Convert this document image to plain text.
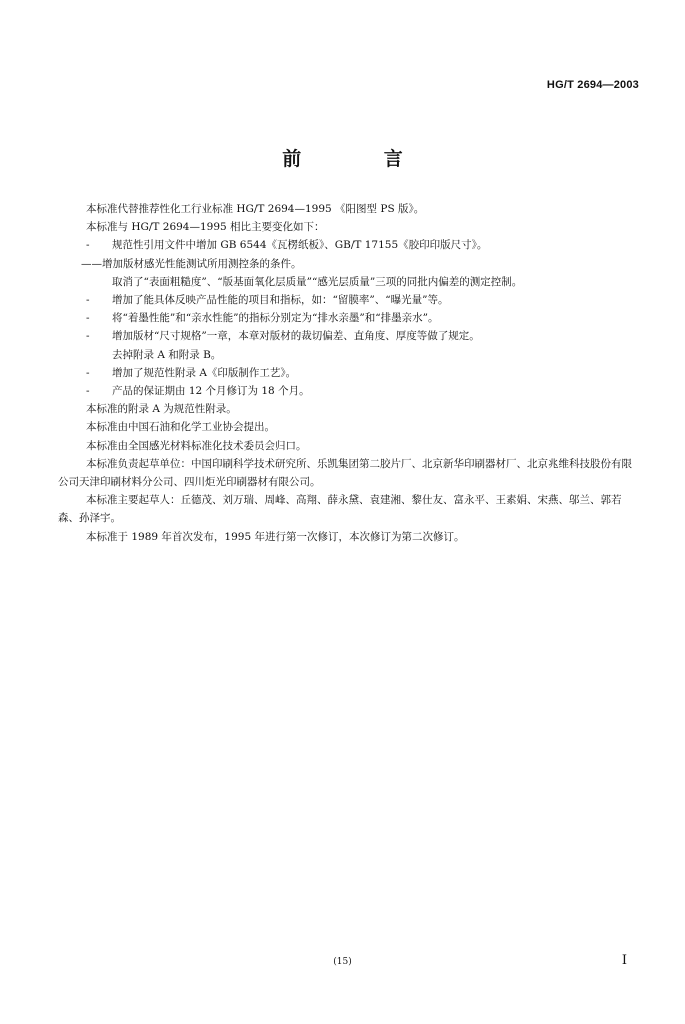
HG/T 2694—2003
前 言

本标准代替推荐性化工行业标准 HG/T 2694—1995 《阳图型 PS 版》。

本标准与 HG/T 2694—1995 相比主要变化如下：

- 规范性引用文件中增加 GB 6544《瓦楞纸板》、GB/T 17155《胶印印版尺寸》。

——增加版材感光性能测试所用测控条的条件。

取消了“表面粗糙度”、“版基面氧化层质量”“感光层质量”三项的同批内偏差的测定控制。

- 增加了能具体反映产品性能的项目和指标，如：“留膜率”、“曝光量”等。

- 将“着墨性能”和“亲水性能”的指标分别定为“排水亲墨”和“排墨亲水”。

- 增加版材“尺寸规格”一章，本章对版材的裁切偏差、直角度、厚度等做了规定。

去掉附录 A 和附录 B。

- 增加了规范性附录 A《印版制作工艺》。

- 产品的保证期由 12 个月修订为 18 个月。

本标准的附录 A 为规范性附录。

本标准由中国石油和化学工业协会提出。

本标准由全国感光材料标准化技术委员会归口。

本标准负责起草单位：中国印刷科学技术研究所、乐凯集团第二胶片厂、北京新华印刷器材厂、北京兆维科技股份有限公司天津印刷材料分公司、四川炬光印刷器材有限公司。

本标准主要起草人：丘德茂、刘万瑞、周峰、高翔、薛永黛、袁建湘、黎仕友、富永平、王素娟、宋燕、邬兰、郭若森、孙泽宇。

本标准于 1989 年首次发布，1995 年进行第一次修订，本次修订为第二次修订。

(15)	I
